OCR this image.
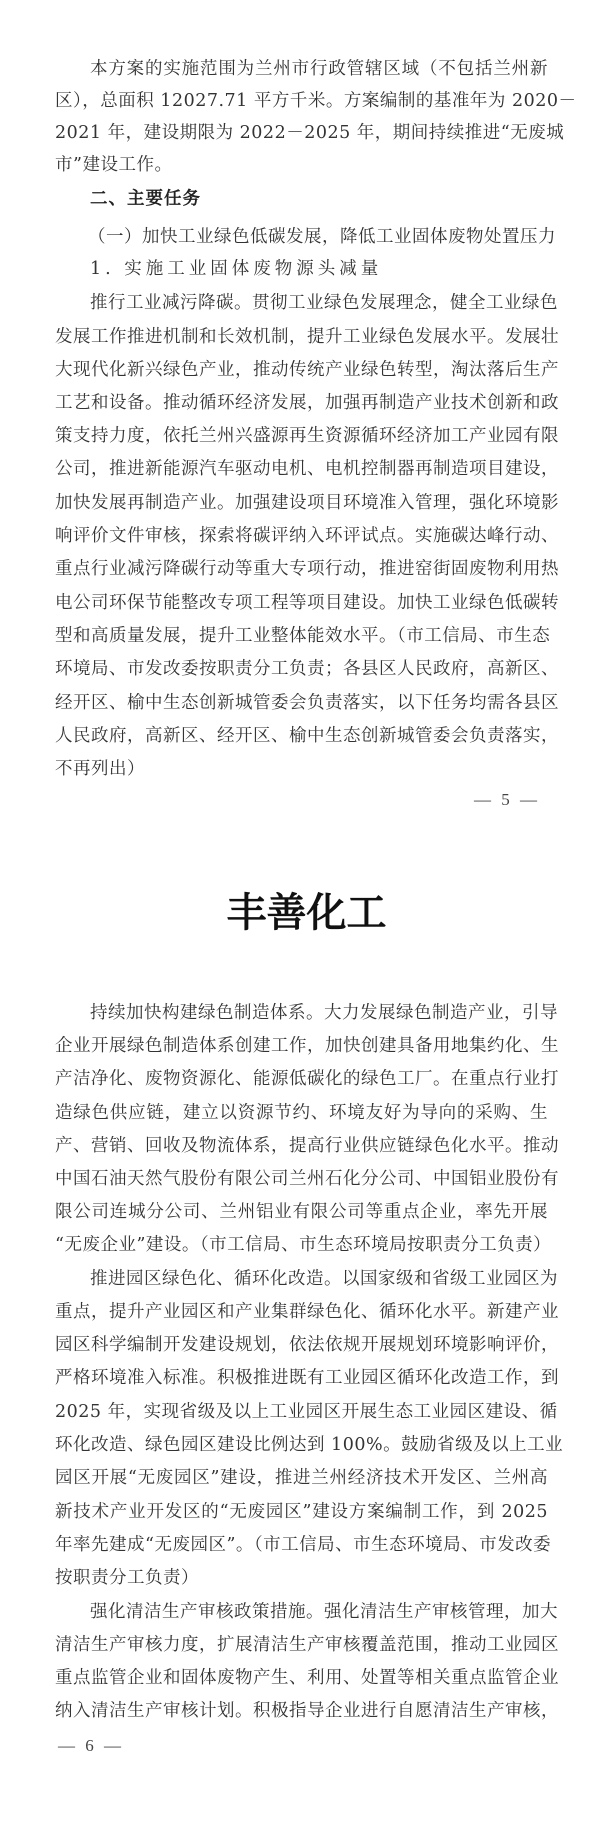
本方案的实施范围为兰州市行政管辖区域（不包括兰州新
区），总面积 12027.71 平方千米。方案编制的基准年为 2020－
2021 年，建设期限为 2022－2025 年，期间持续推进“无废城
市”建设工作。
二、主要任务
（一）加快工业绿色低碳发展，降低工业固体废物处置压力
1. 实施工业固体废物源头减量
推行工业减污降碳。贯彻工业绿色发展理念，健全工业绿色
发展工作推进机制和长效机制，提升工业绿色发展水平。发展壮
大现代化新兴绿色产业，推动传统产业绿色转型，淘汰落后生产
工艺和设备。推动循环经济发展，加强再制造产业技术创新和政
策支持力度，依托兰州兴盛源再生资源循环经济加工产业园有限
公司，推进新能源汽车驱动电机、电机控制器再制造项目建设，
加快发展再制造产业。加强建设项目环境准入管理，强化环境影
响评价文件审核，探索将碳评纳入环评试点。实施碳达峰行动、
重点行业减污降碳行动等重大专项行动，推进窑街固废物利用热
电公司环保节能整改专项工程等项目建设。加快工业绿色低碳转
型和高质量发展，提升工业整体能效水平。（市工信局、市生态
环境局、市发改委按职责分工负责；各县区人民政府，高新区、
经开区、榆中生态创新城管委会负责落实，以下任务均需各县区
人民政府，高新区、经开区、榆中生态创新城管委会负责落实，
不再列出）
— 5 —
丰善化工
持续加快构建绿色制造体系。大力发展绿色制造产业，引导
企业开展绿色制造体系创建工作，加快创建具备用地集约化、生
产洁净化、废物资源化、能源低碳化的绿色工厂。在重点行业打
造绿色供应链，建立以资源节约、环境友好为导向的采购、生
产、营销、回收及物流体系，提高行业供应链绿色化水平。推动
中国石油天然气股份有限公司兰州石化分公司、中国铝业股份有
限公司连城分公司、兰州铝业有限公司等重点企业，率先开展
“无废企业”建设。（市工信局、市生态环境局按职责分工负责）
推进园区绿色化、循环化改造。以国家级和省级工业园区为
重点，提升产业园区和产业集群绿色化、循环化水平。新建产业
园区科学编制开发建设规划，依法依规开展规划环境影响评价，
严格环境准入标准。积极推进既有工业园区循环化改造工作，到
2025 年，实现省级及以上工业园区开展生态工业园区建设、循
环化改造、绿色园区建设比例达到 100%。鼓励省级及以上工业
园区开展“无废园区”建设，推进兰州经济技术开发区、兰州高
新技术产业开发区的“无废园区”建设方案编制工作，到 2025
年率先建成“无废园区”。（市工信局、市生态环境局、市发改委
按职责分工负责）
强化清洁生产审核政策措施。强化清洁生产审核管理，加大
清洁生产审核力度，扩展清洁生产审核覆盖范围，推动工业园区
重点监管企业和固体废物产生、利用、处置等相关重点监管企业
纳入清洁生产审核计划。积极指导企业进行自愿清洁生产审核，
— 6 —
